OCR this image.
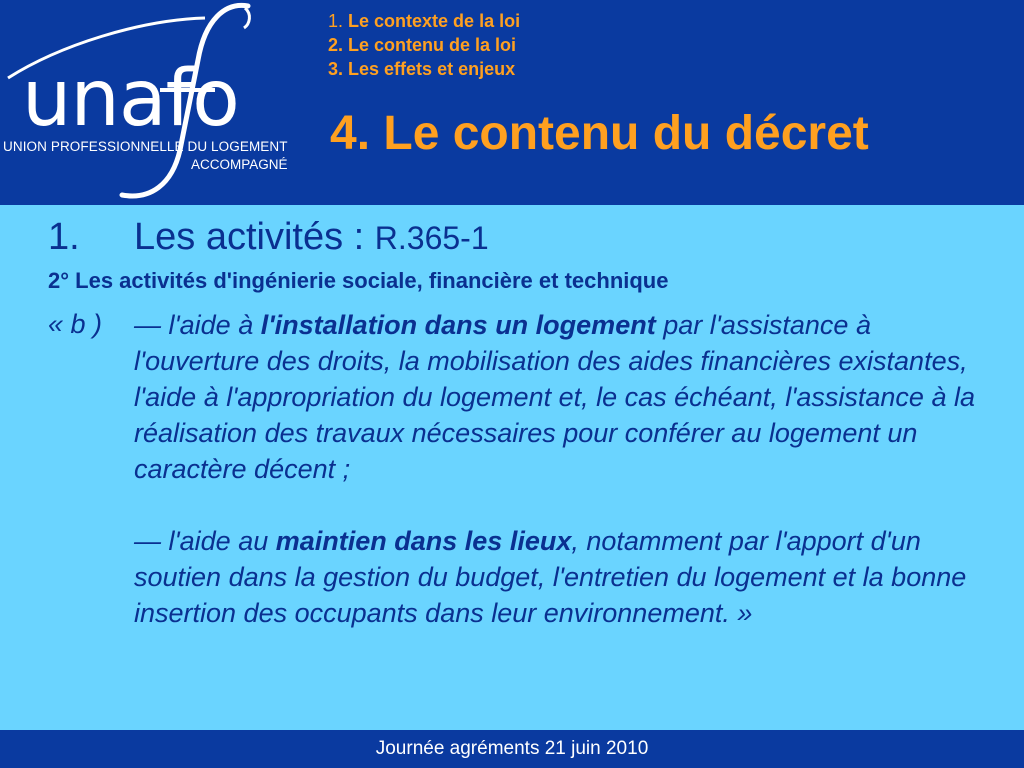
unafo
UNION PROFESSIONNELLE DU LOGEMENT
ACCOMPAGNÉ
1. Le contexte de la loi
2. Le contenu de la loi
3. Les effets et enjeux
4. Le contenu du décret
1. Les activités : R.365-1
2° Les activités d'ingénierie sociale, financière et technique
« b ) — l'aide à l'installation dans un logement par l'assistance à l'ouverture des droits, la mobilisation des aides financières existantes, l'aide à l'appropriation du logement et, le cas échéant, l'assistance à la réalisation des travaux nécessaires pour conférer au logement un caractère décent ;

— l'aide au maintien dans les lieux, notamment par l'apport d'un soutien dans la gestion du budget, l'entretien du logement et la bonne insertion des occupants dans leur environnement. »

Journée agréments 21 juin 2010
